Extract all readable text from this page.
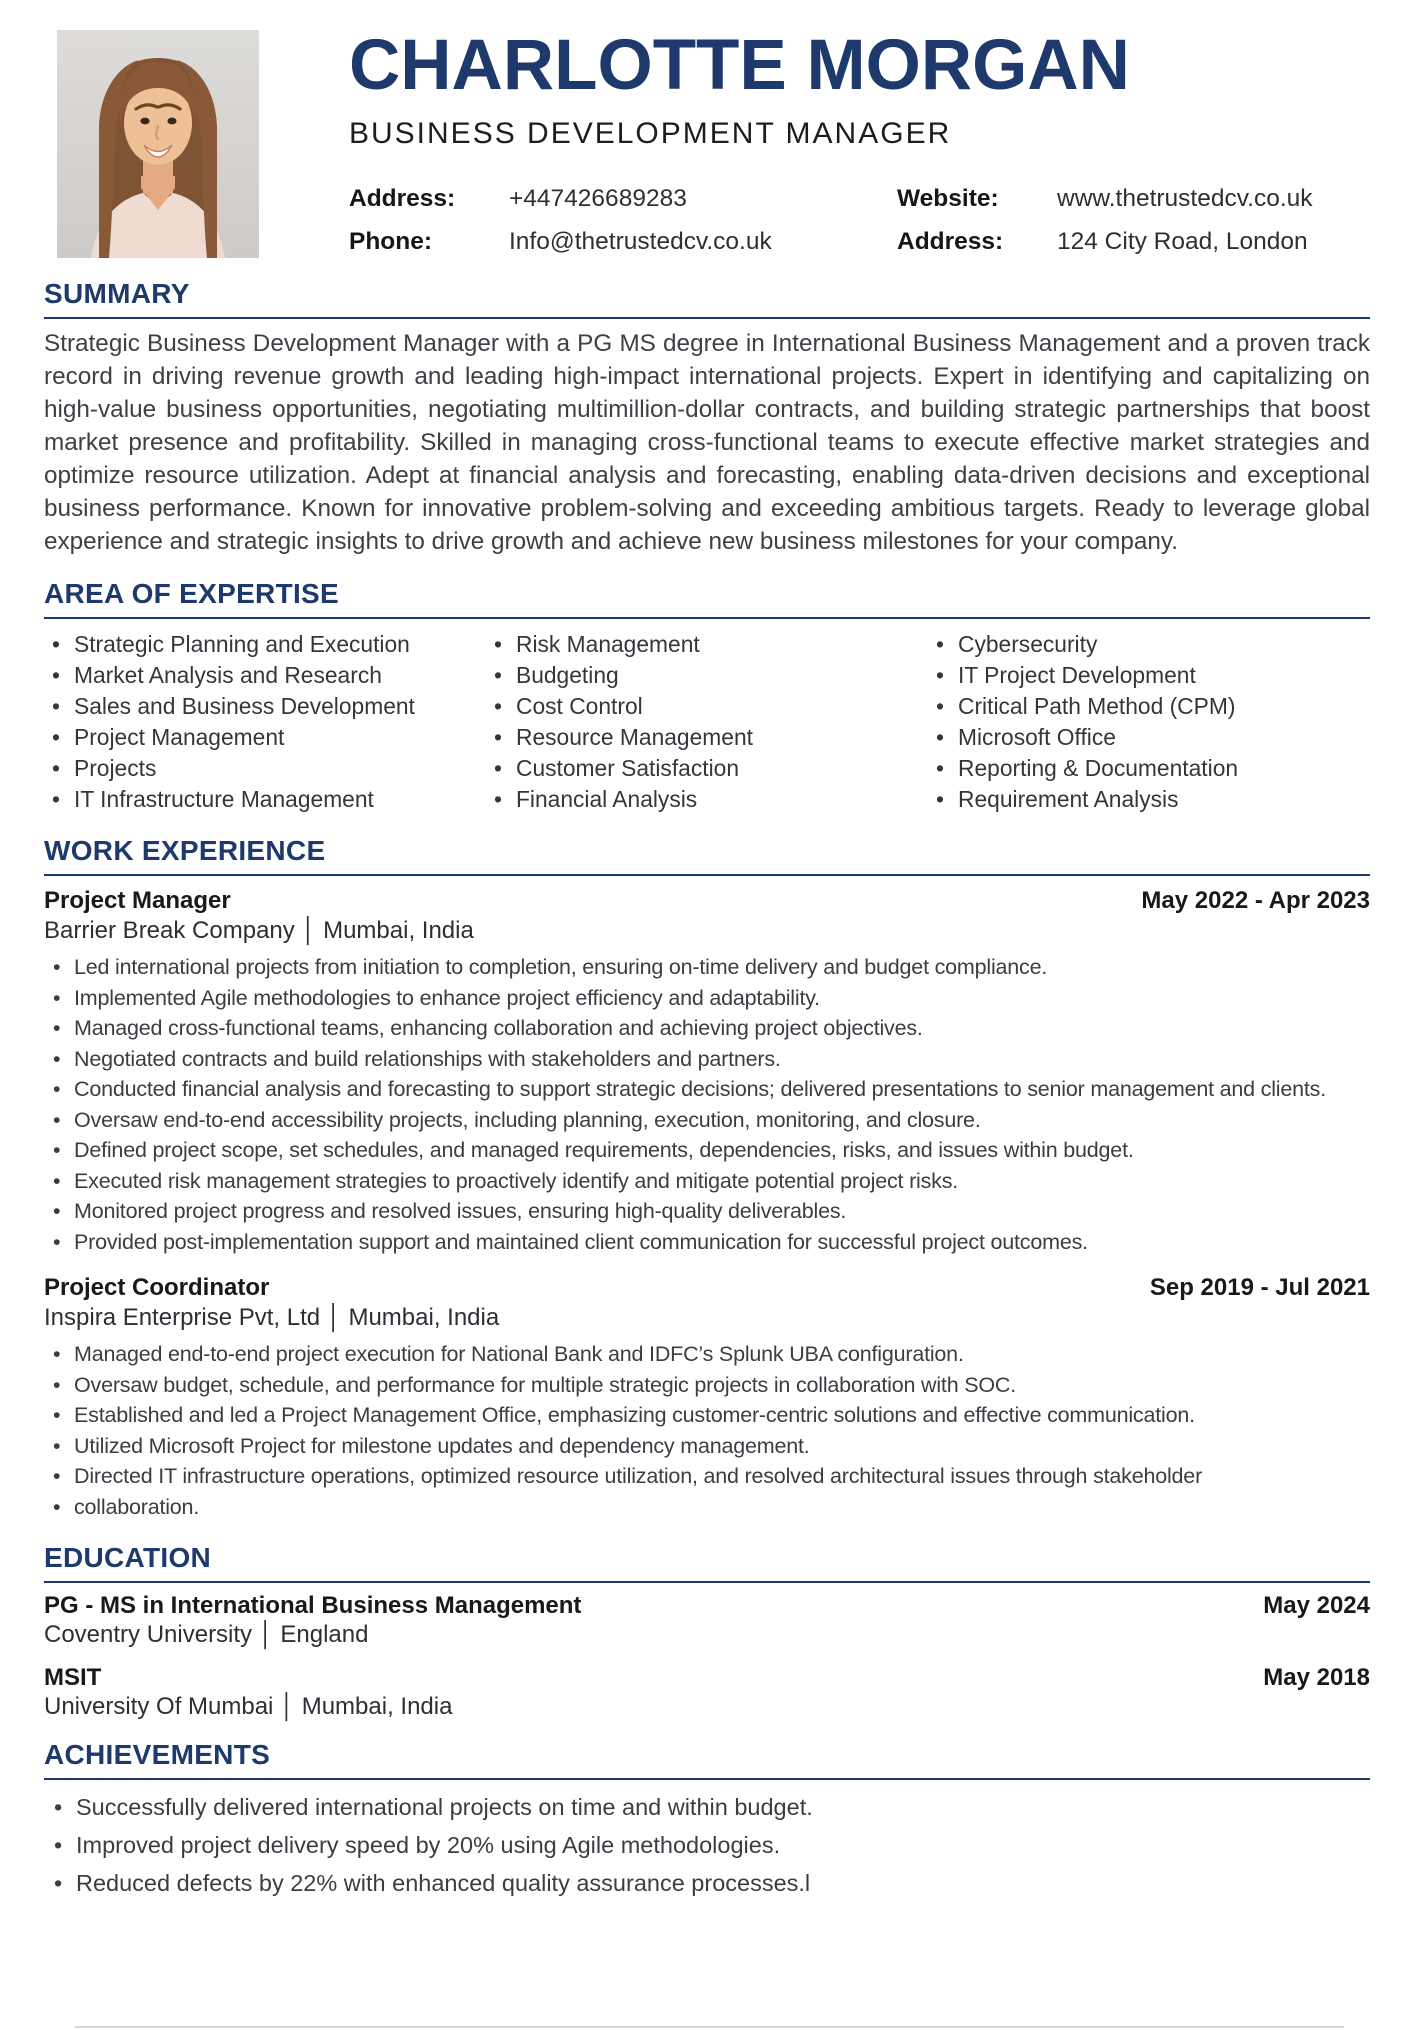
CHARLOTTE MORGAN
BUSINESS DEVELOPMENT MANAGER
Address:	+447426689283
Phone:	Info@thetrustedcv.co.uk
Website:	www.thetrustedcv.co.uk
Address:	124 City Road, London
SUMMARY

Strategic Business Development Manager with a PG MS degree in International Business Management and a proven track record in driving revenue growth and leading high-impact international projects. Expert in identifying and capitalizing on high-value business opportunities, negotiating multimillion-dollar contracts, and building strategic partnerships that boost market presence and profitability. Skilled in managing cross-functional teams to execute effective market strategies and optimize resource utilization. Adept at financial analysis and forecasting, enabling data-driven decisions and exceptional business performance. Known for innovative problem-solving and exceeding ambitious targets. Ready to leverage global experience and strategic insights to drive growth and achieve new business milestones for your company.

AREA OF EXPERTISE
• Strategic Planning and Execution
• Market Analysis and Research
• Sales and Business Development
• Project Management
• Projects
• IT Infrastructure Management
• Risk Management
• Budgeting
• Cost Control
• Resource Management
• Customer Satisfaction
• Financial Analysis
• Cybersecurity
• IT Project Development
• Critical Path Method (CPM)
• Microsoft Office
• Reporting & Documentation
• Requirement Analysis
WORK EXPERIENCE
Project Manager	May 2022 - Apr 2023
Barrier Break Company │ Mumbai, India
• Led international projects from initiation to completion, ensuring on-time delivery and budget compliance.
• Implemented Agile methodologies to enhance project efficiency and adaptability.
• Managed cross-functional teams, enhancing collaboration and achieving project objectives.
• Negotiated contracts and build relationships with stakeholders and partners.
• Conducted financial analysis and forecasting to support strategic decisions; delivered presentations to senior management and clients.
• Oversaw end-to-end accessibility projects, including planning, execution, monitoring, and closure.
• Defined project scope, set schedules, and managed requirements, dependencies, risks, and issues within budget.
• Executed risk management strategies to proactively identify and mitigate potential project risks.
• Monitored project progress and resolved issues, ensuring high-quality deliverables.
• Provided post-implementation support and maintained client communication for successful project outcomes.
Project Coordinator	Sep 2019 - Jul 2021
Inspira Enterprise Pvt, Ltd │ Mumbai, India
• Managed end-to-end project execution for National Bank and IDFC’s Splunk UBA configuration.
• Oversaw budget, schedule, and performance for multiple strategic projects in collaboration with SOC.
• Established and led a Project Management Office, emphasizing customer-centric solutions and effective communication.
• Utilized Microsoft Project for milestone updates and dependency management.
• Directed IT infrastructure operations, optimized resource utilization, and resolved architectural issues through stakeholder
• collaboration.
EDUCATION
PG - MS in International Business Management	May 2024
Coventry University │ England
MSIT	May 2018
University Of Mumbai │ Mumbai, India
ACHIEVEMENTS
• Successfully delivered international projects on time and within budget.
• Improved project delivery speed by 20% using Agile methodologies.
• Reduced defects by 22% with enhanced quality assurance processes.l
